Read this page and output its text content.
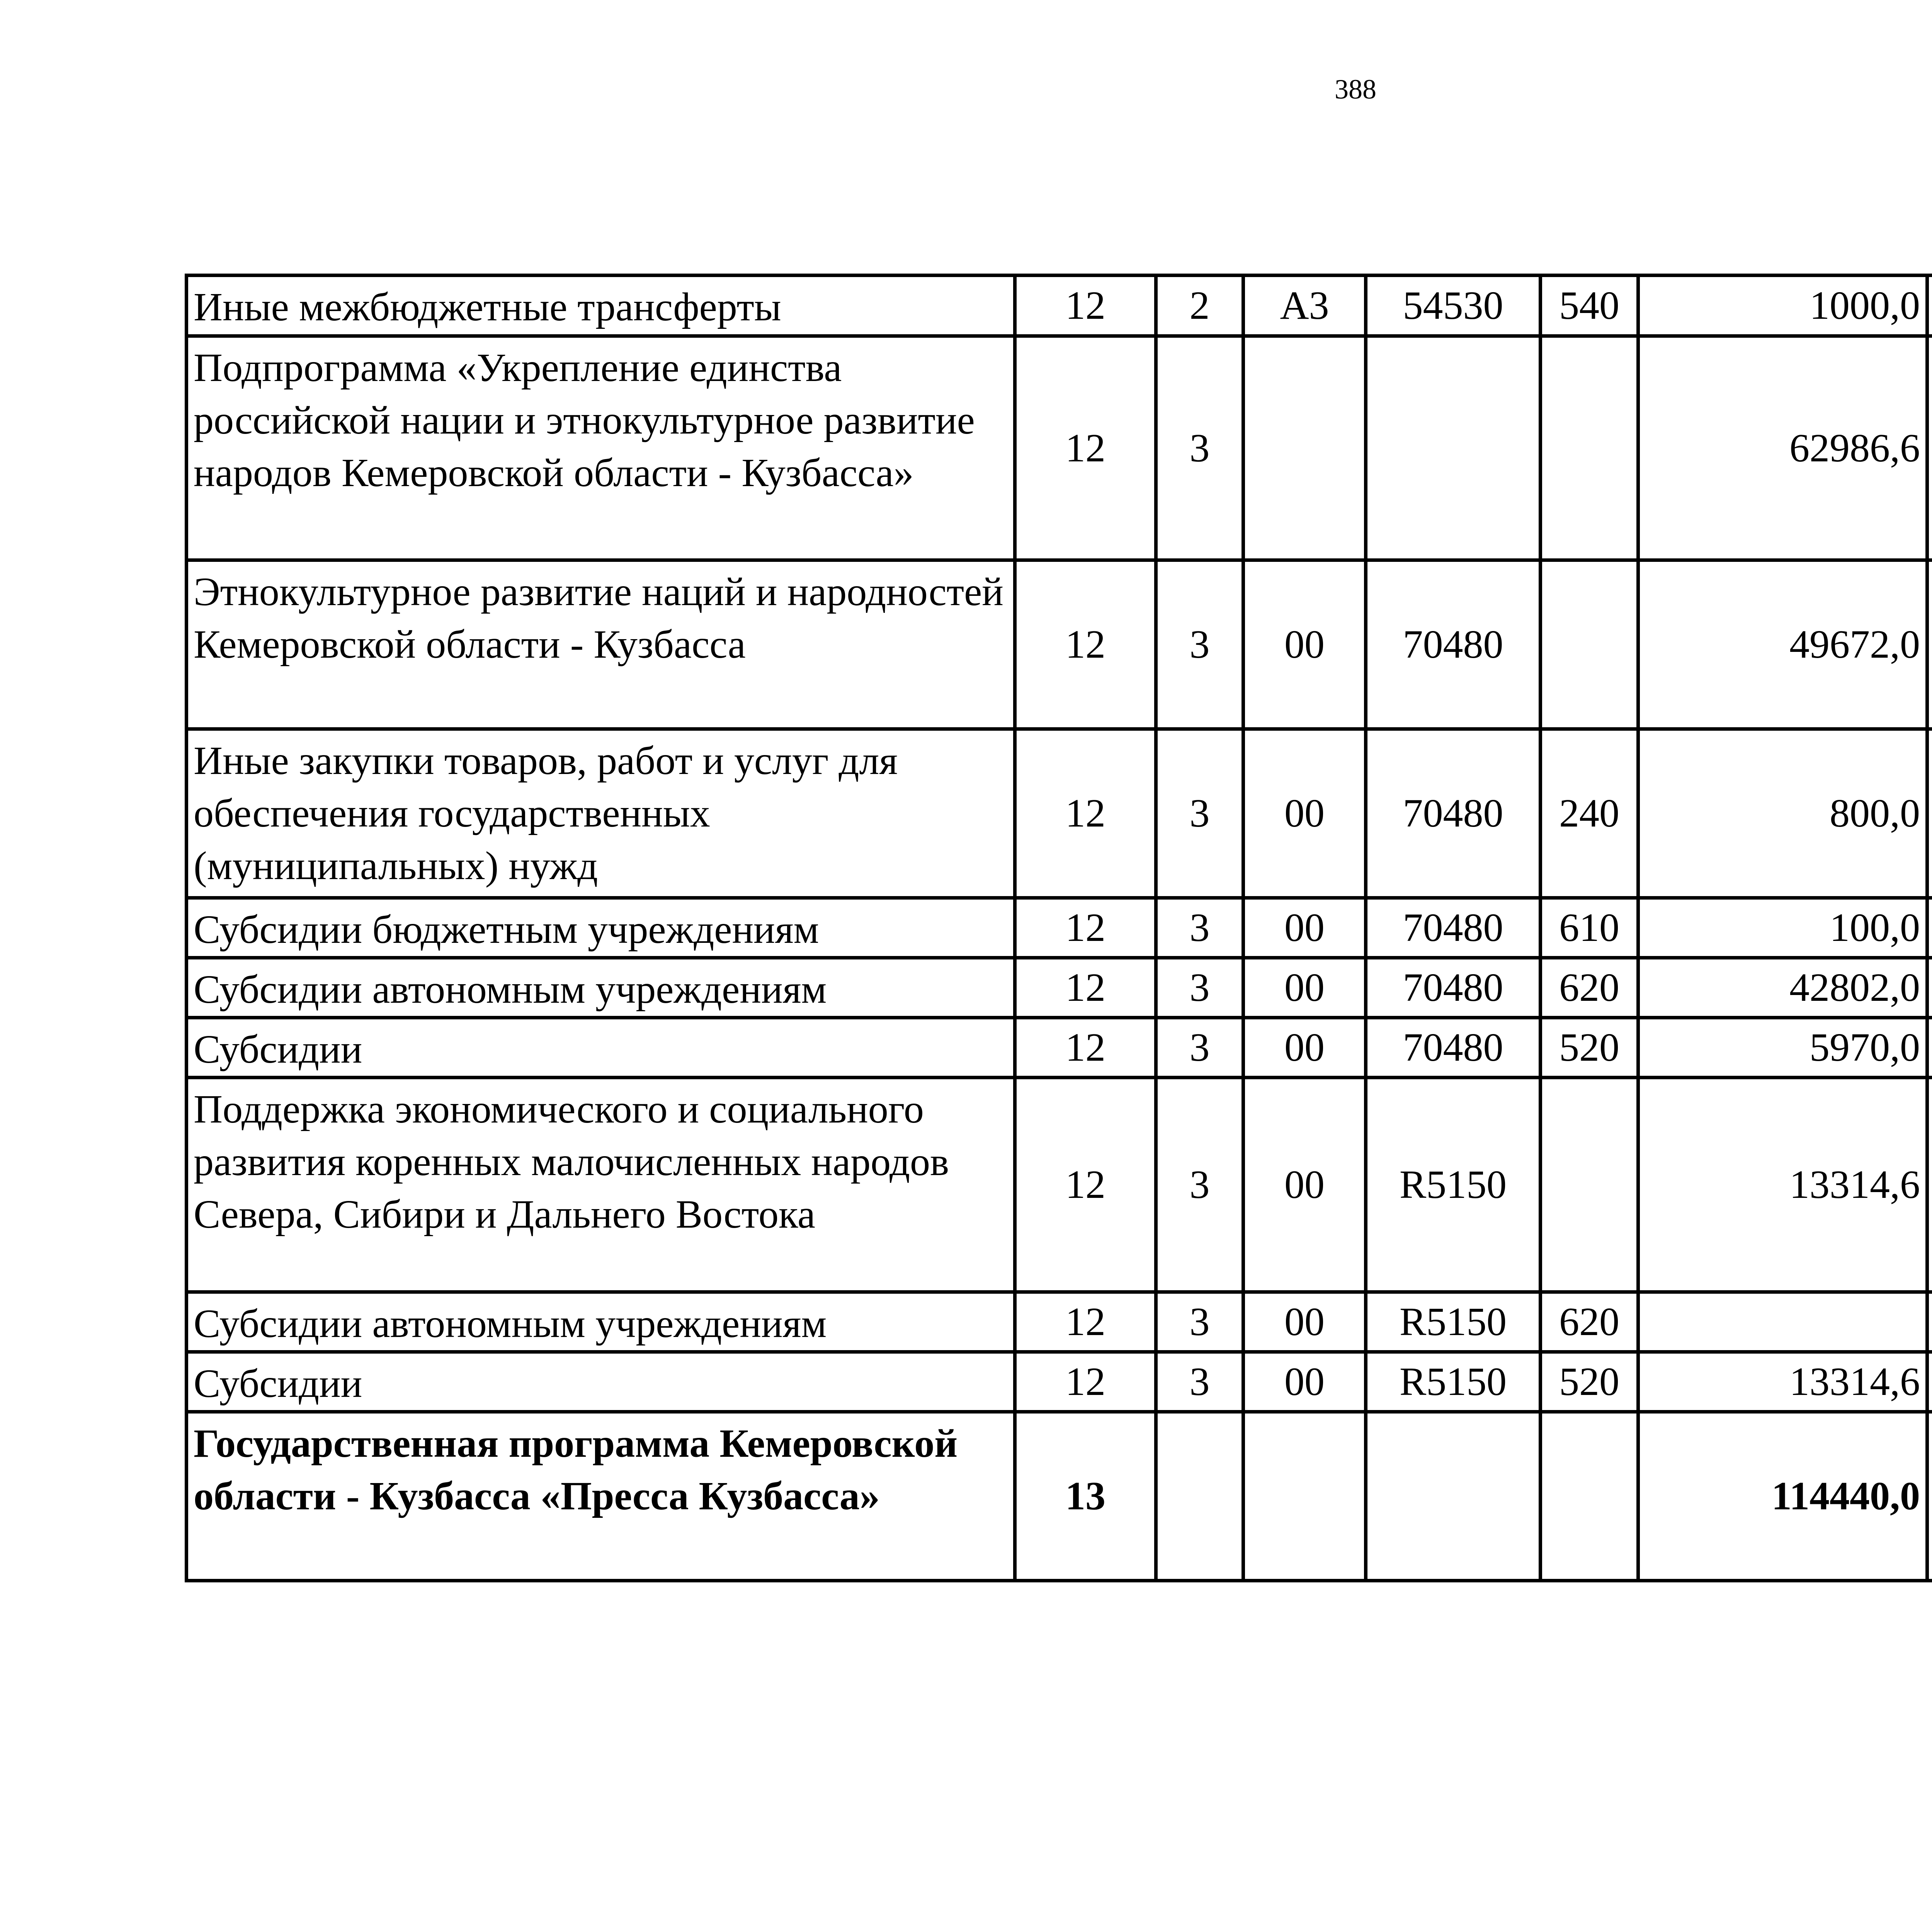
388
Иные межбюджетные трансферты	12	2	А3	54530	540	1000,0		
Подпрограмма «Укрепление единства российской нации и этнокультурное развитие народов Кемеровской области - Кузбасса»	12	3				62986,6		
Этнокультурное развитие наций и народностей Кемеровской области - Кузбасса	12	3	00	70480		49672,0		
Иные закупки товаров, работ и услуг для обеспечения государственных (муниципальных) нужд	12	3	00	70480	240	800,0		
Субсидии бюджетным учреждениям	12	3	00	70480	610	100,0		
Субсидии автономным учреждениям	12	3	00	70480	620	42802,0		
Субсидии	12	3	00	70480	520	5970,0		
Поддержка экономического и социального развития коренных малочисленных народов Севера, Сибири и Дальнего Востока	12	3	00	R5150		13314,6		
Субсидии автономным учреждениям	12	3	00	R5150	620			
Субсидии	12	3	00	R5150	520	13314,6		
Государственная программа Кемеровской области - Кузбасса «Пресса Кузбасса»	13					114440,0		
